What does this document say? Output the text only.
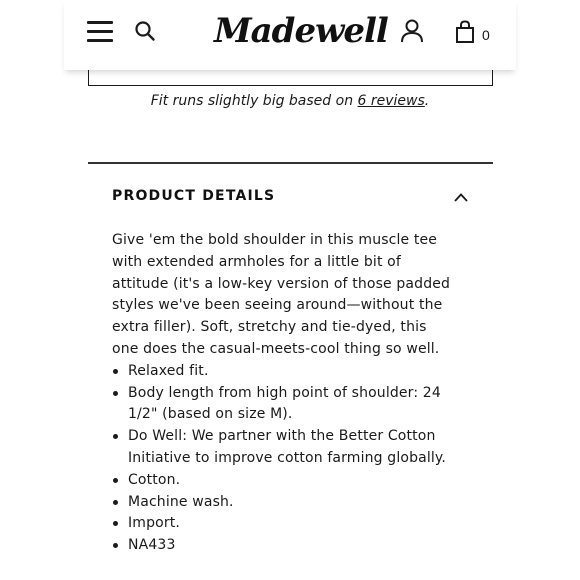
Madewell	0

Fit runs slightly big based on 6 reviews.

PRODUCT DETAILS

Give 'em the bold shoulder in this muscle tee with extended armholes for a little bit of attitude (it's a low-key version of those padded styles we've been seeing around—without the extra filler). Soft, stretchy and tie-dyed, this one does the casual-meets-cool thing so well.

Relaxed fit.
Body length from high point of shoulder: 24 1/2" (based on size M).
Do Well: We partner with the Better Cotton Initiative to improve cotton farming globally.
Cotton.
Machine wash.
Import.
NA433
